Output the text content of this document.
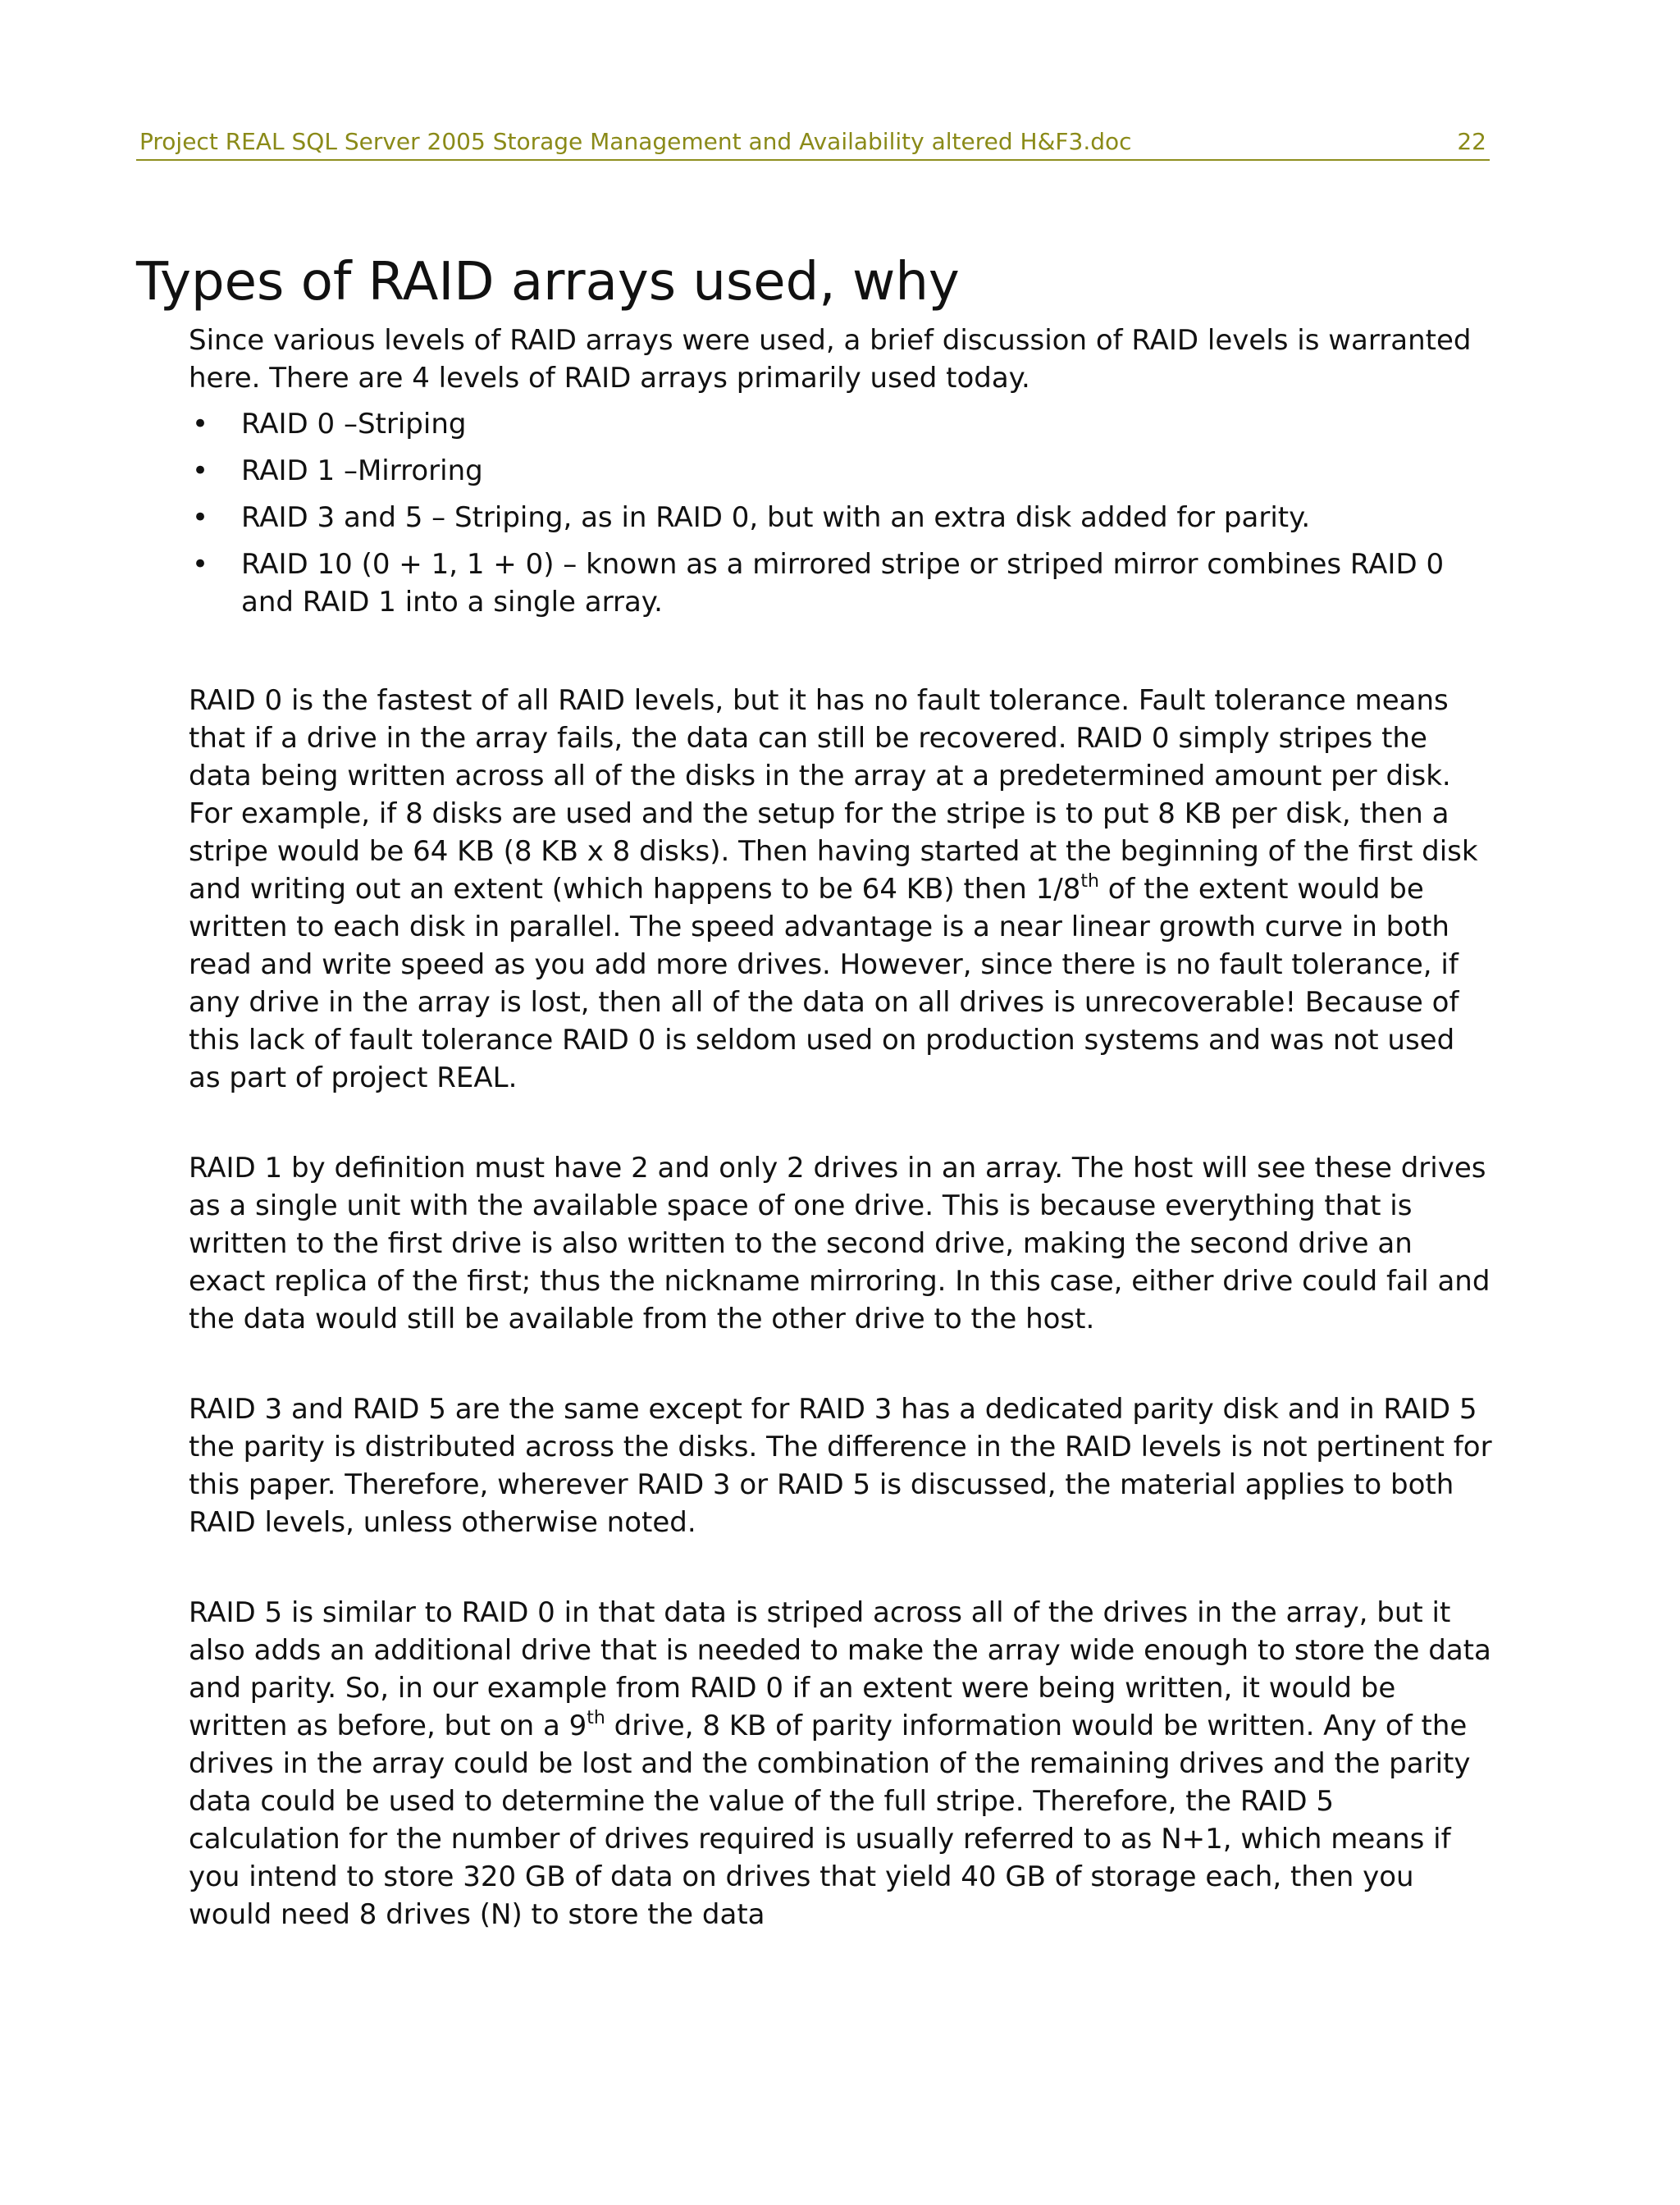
Project REAL SQL Server 2005 Storage Management and Availability altered H&F3.doc	22
Types of RAID arrays used, why

Since various levels of RAID arrays were used, a brief discussion of RAID levels is warranted here. There are 4 levels of RAID arrays primarily used today.

• RAID 0 –Striping
• RAID 1 –Mirroring
• RAID 3 and 5 – Striping, as in RAID 0, but with an extra disk added for parity.
• RAID 10 (0 + 1, 1 + 0) – known as a mirrored stripe or striped mirror combines RAID 0 and RAID 1 into a single array.

RAID 0 is the fastest of all RAID levels, but it has no fault tolerance. Fault tolerance means that if a drive in the array fails, the data can still be recovered. RAID 0 simply stripes the data being written across all of the disks in the array at a predetermined amount per disk. For example, if 8 disks are used and the setup for the stripe is to put 8 KB per disk, then a stripe would be 64 KB (8 KB x 8 disks). Then having started at the beginning of the first disk and writing out an extent (which happens to be 64 KB) then 1/8th of the extent would be written to each disk in parallel. The speed advantage is a near linear growth curve in both read and write speed as you add more drives. However, since there is no fault tolerance, if any drive in the array is lost, then all of the data on all drives is unrecoverable! Because of this lack of fault tolerance RAID 0 is seldom used on production systems and was not used as part of project REAL.

RAID 1 by definition must have 2 and only 2 drives in an array. The host will see these drives as a single unit with the available space of one drive. This is because everything that is written to the first drive is also written to the second drive, making the second drive an exact replica of the first; thus the nickname mirroring. In this case, either drive could fail and the data would still be available from the other drive to the host.

RAID 3 and RAID 5 are the same except for RAID 3 has a dedicated parity disk and in RAID 5 the parity is distributed across the disks. The difference in the RAID levels is not pertinent for this paper. Therefore, wherever RAID 3 or RAID 5 is discussed, the material applies to both RAID levels, unless otherwise noted.

RAID 5 is similar to RAID 0 in that data is striped across all of the drives in the array, but it also adds an additional drive that is needed to make the array wide enough to store the data and parity. So, in our example from RAID 0 if an extent were being written, it would be written as before, but on a 9th drive, 8 KB of parity information would be written. Any of the drives in the array could be lost and the combination of the remaining drives and the parity data could be used to determine the value of the full stripe. Therefore, the RAID 5 calculation for the number of drives required is usually referred to as N+1, which means if you intend to store 320 GB of data on drives that yield 40 GB of storage each, then you would need 8 drives (N) to store the data
